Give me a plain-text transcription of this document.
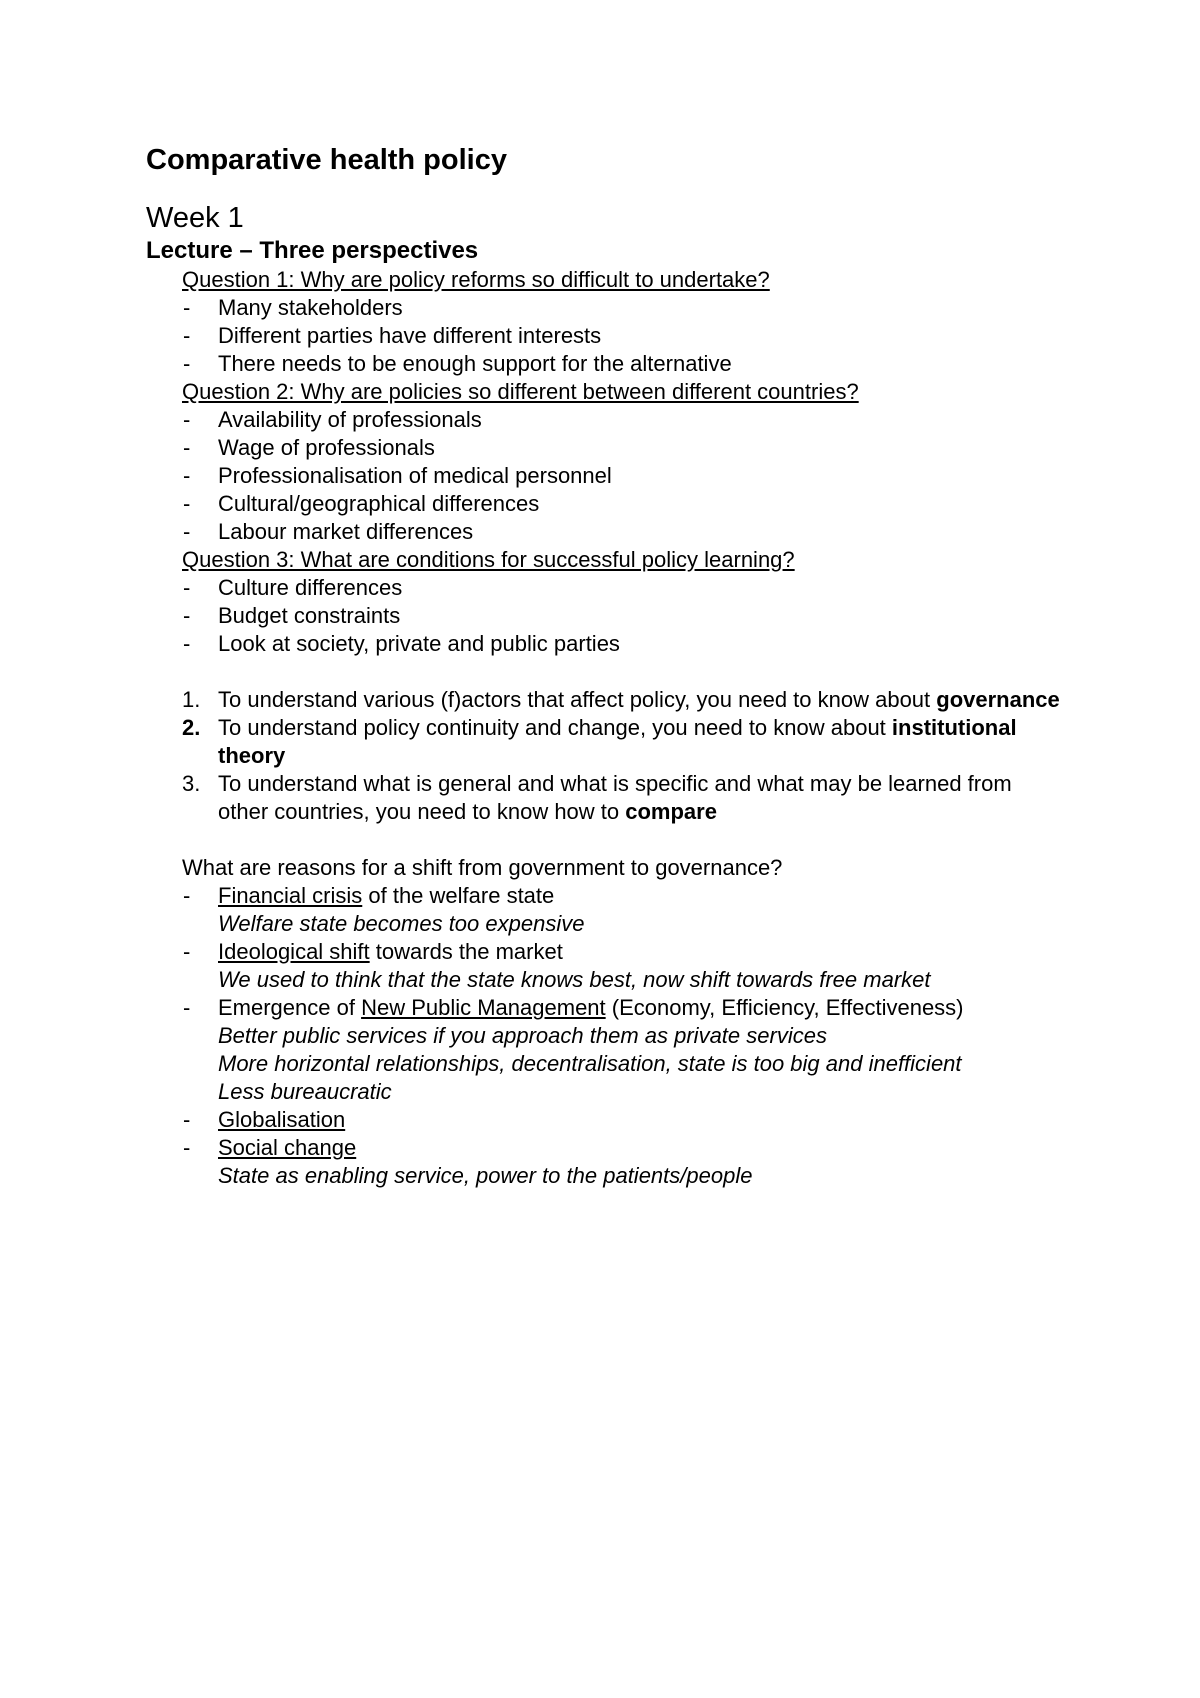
Comparative health policy
Week 1
Lecture – Three perspectives
Question 1: Why are policy reforms so difficult to undertake?
- Many stakeholders
- Different parties have different interests
- There needs to be enough support for the alternative
Question 2: Why are policies so different between different countries?
- Availability of professionals
- Wage of professionals
- Professionalisation of medical personnel
- Cultural/geographical differences
- Labour market differences
Question 3: What are conditions for successful policy learning?
- Culture differences
- Budget constraints
- Look at society, private and public parties
1. To understand various (f)actors that affect policy, you need to know about governance
2. To understand policy continuity and change, you need to know about institutional theory
3. To understand what is general and what is specific and what may be learned from other countries, you need to know how to compare
What are reasons for a shift from government to governance?
- Financial crisis of the welfare state
Welfare state becomes too expensive
- Ideological shift towards the market
We used to think that the state knows best, now shift towards free market
- Emergence of New Public Management (Economy, Efficiency, Effectiveness)
Better public services if you approach them as private services
More horizontal relationships, decentralisation, state is too big and inefficient
Less bureaucratic
- Globalisation
- Social change
State as enabling service, power to the patients/people
